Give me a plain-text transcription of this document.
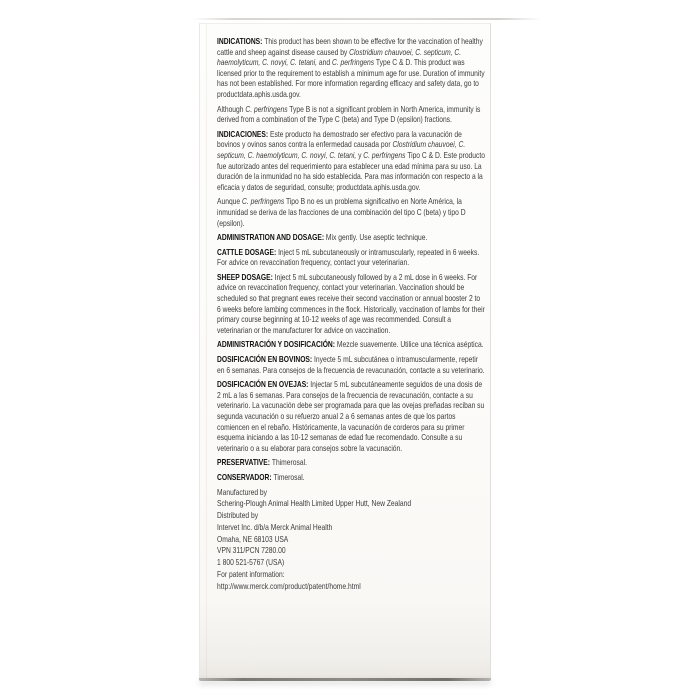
INDICATIONS: This product has been shown to be effective for the vaccination of healthy cattle and sheep against disease caused by Clostridium chauvoei, C. septicum, C. haemolyticum, C. novyi, C. tetani, and C. perfringens Type C & D. This product was licensed prior to the requirement to establish a minimum age for use. Duration of immunity has not been established. For more information regarding efficacy and safety data, go to productdata.aphis.usda.gov.
Although C. perfringens Type B is not a significant problem in North America, immunity is derived from a combination of the Type C (beta) and Type D (epsilon) fractions.
INDICACIONES: Este producto ha demostrado ser efectivo para la vacunación de bovinos y ovinos sanos contra la enfermedad causada por Clostridium chauvoei, C. septicum, C. haemolyticum, C. novyi, C. tetani, y C. perfringens Tipo C & D. Este producto fue autorizado antes del requerimiento para establecer una edad mínima para su uso. La duración de la inmunidad no ha sido establecida. Para mas información con respecto a la eficacia y datos de seguridad, consulte; productdata.aphis.usda.gov.
Aunque C. perfringens Tipo B no es un problema significativo en Norte América, la inmunidad se deriva de las fracciones de una combinación del tipo C (beta) y tipo D (epsilon).
ADMINISTRATION AND DOSAGE: Mix gently. Use aseptic technique.
CATTLE DOSAGE: Inject 5 mL subcutaneously or intramuscularly, repeated in 6 weeks. For advice on revaccination frequency, contact your veterinarian.
SHEEP DOSAGE: Inject 5 mL subcutaneously followed by a 2 mL dose in 6 weeks. For advice on revaccination frequency, contact your veterinarian. Vaccination should be scheduled so that pregnant ewes receive their second vaccination or annual booster 2 to 6 weeks before lambing commences in the flock. Historically, vaccination of lambs for their primary course beginning at 10-12 weeks of age was recommended. Consult a veterinarian or the manufacturer for advice on vaccination.
ADMINISTRACIÓN Y DOSIFICACIÓN: Mezcle suavemente. Utilice una técnica aséptica.
DOSIFICACIÓN EN BOVINOS: Inyecte 5 mL subcutánea o intramuscularmente, repetir en 6 semanas. Para consejos de la frecuencia de revacunación, contacte a su veterinario.
DOSIFICACIÓN EN OVEJAS: Injectar 5 mL subcutáneamente seguidos de una dosis de 2 mL a las 6 semanas. Para consejos de la frecuencia de revacunación, contacte a su veterinario. La vacunación debe ser programada para que las ovejas preñadas reciban su segunda vacunación o su refuerzo anual 2 a 6 semanas antes de que los partos comiencen en el rebaño. Históricamente, la vacunación de corderos para su primer esquema iniciando a las 10-12 semanas de edad fue recomendado. Consulte a su veterinario o a su elaborar para consejos sobre la vacunación.
PRESERVATIVE: Thimerosal.
CONSERVADOR: Timerosal.
Manufactured by
Schering-Plough Animal Health Limited Upper Hutt, New Zealand
Distributed by
Intervet Inc. d/b/a Merck Animal Health
Omaha, NE 68103 USA
VPN 311/PCN 7280.00
1 800 521-5767 (USA)
For patent information:
http://www.merck.com/product/patent/home.html
